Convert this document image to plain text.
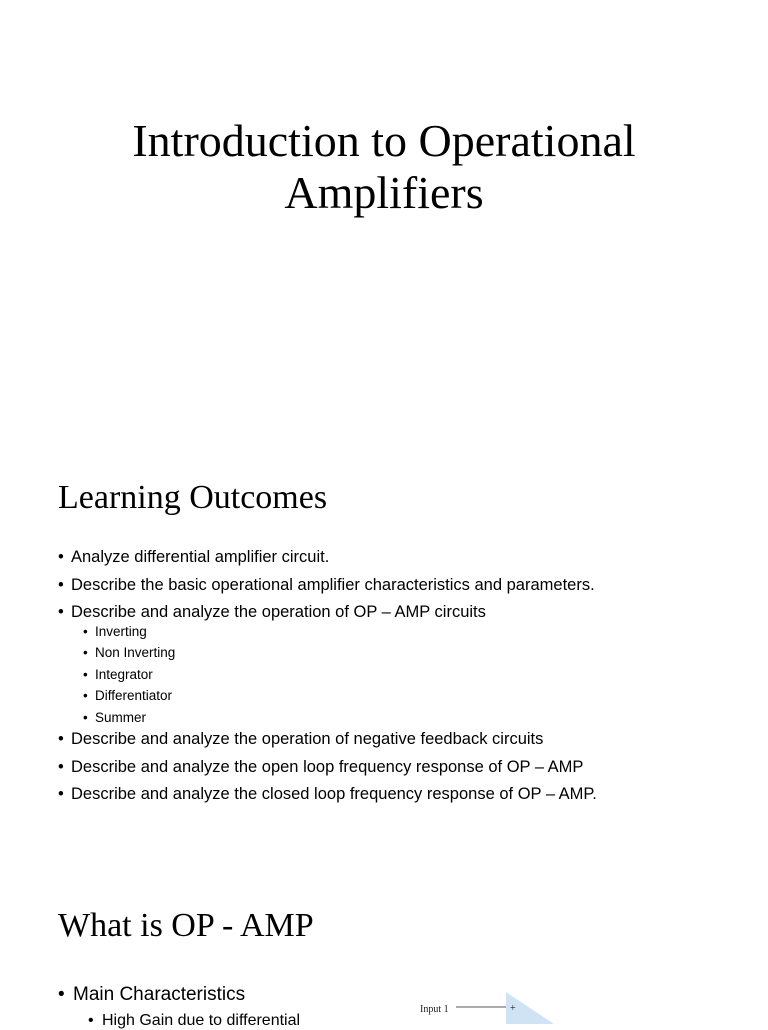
Introduction to Operational
Amplifiers
Learning Outcomes
• Analyze differential amplifier circuit.
• Describe the basic operational amplifier characteristics and parameters.
• Describe and analyze the operation of OP – AMP circuits
• Inverting
• Non Inverting
• Integrator
• Differentiator
• Summer
• Describe and analyze the operation of negative feedback circuits
• Describe and analyze the open loop frequency response of OP – AMP
• Describe and analyze the closed loop frequency response of OP – AMP.
What is OP - AMP
• Main Characteristics
• High Gain due to differential
Input 1	+
